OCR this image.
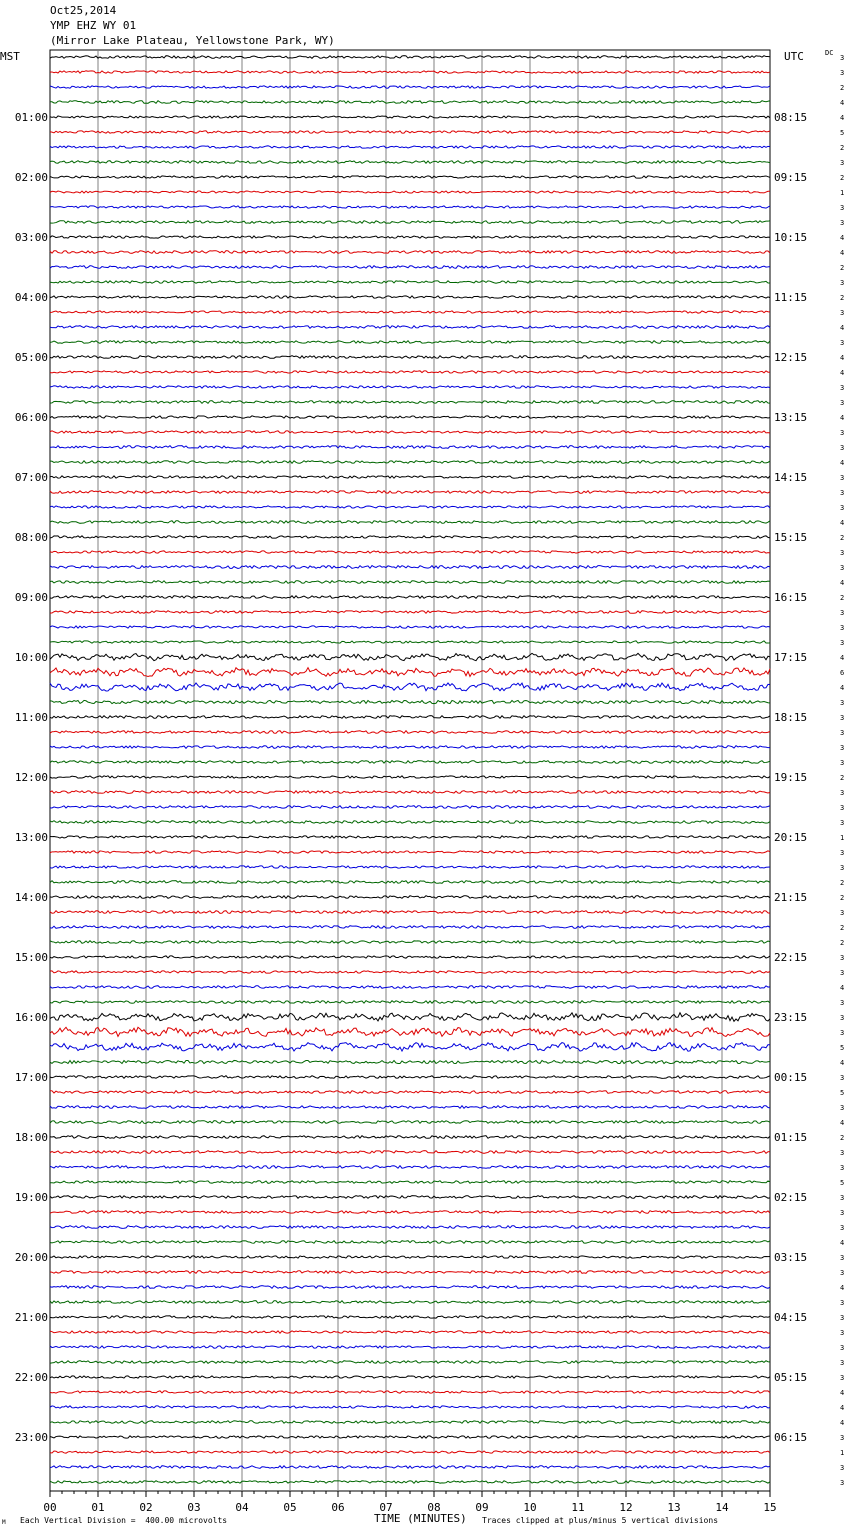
Oct25,2014
YMP EHZ WY 01
(Mirror Lake Plateau, Yellowstone Park, WY)
MST	UTC	DC
00	01	02	03	04	05	06	07	08	09	10	11	12	13	14	15
3
3
2
4
4
01:00	08:15
5
2
3
2
02:00	09:15
1
3
3
4
03:00	10:15
4
2
3
2
04:00	11:15
3
4
3
4
05:00	12:15
4
3
3
4
06:00	13:15
3
3
4
3
07:00	14:15
3
3
4
2
08:00	15:15
3
3
4
2
09:00	16:15
3
3
3
4
10:00	17:15
6
4
3
3
11:00	18:15
3
3
3
2
12:00	19:15
3
3
3
1
13:00	20:15
3
3
2
2
14:00	21:15
3
2
2
3
15:00	22:15
3
4
3
3
16:00	23:15
3
5
4
3
17:00	00:15
5
3
4
2
18:00	01:15
3
3
5
3
19:00	02:15
3
3
4
3
20:00	03:15
3
4
3
3
21:00	04:15
3
3
3
3
22:00	05:15
4
4
4
3
23:00	06:15
1
3
3
M Each Vertical Division =  400.00 microvolts	TIME (MINUTES) Traces clipped at plus/minus 5 vertical divisions
